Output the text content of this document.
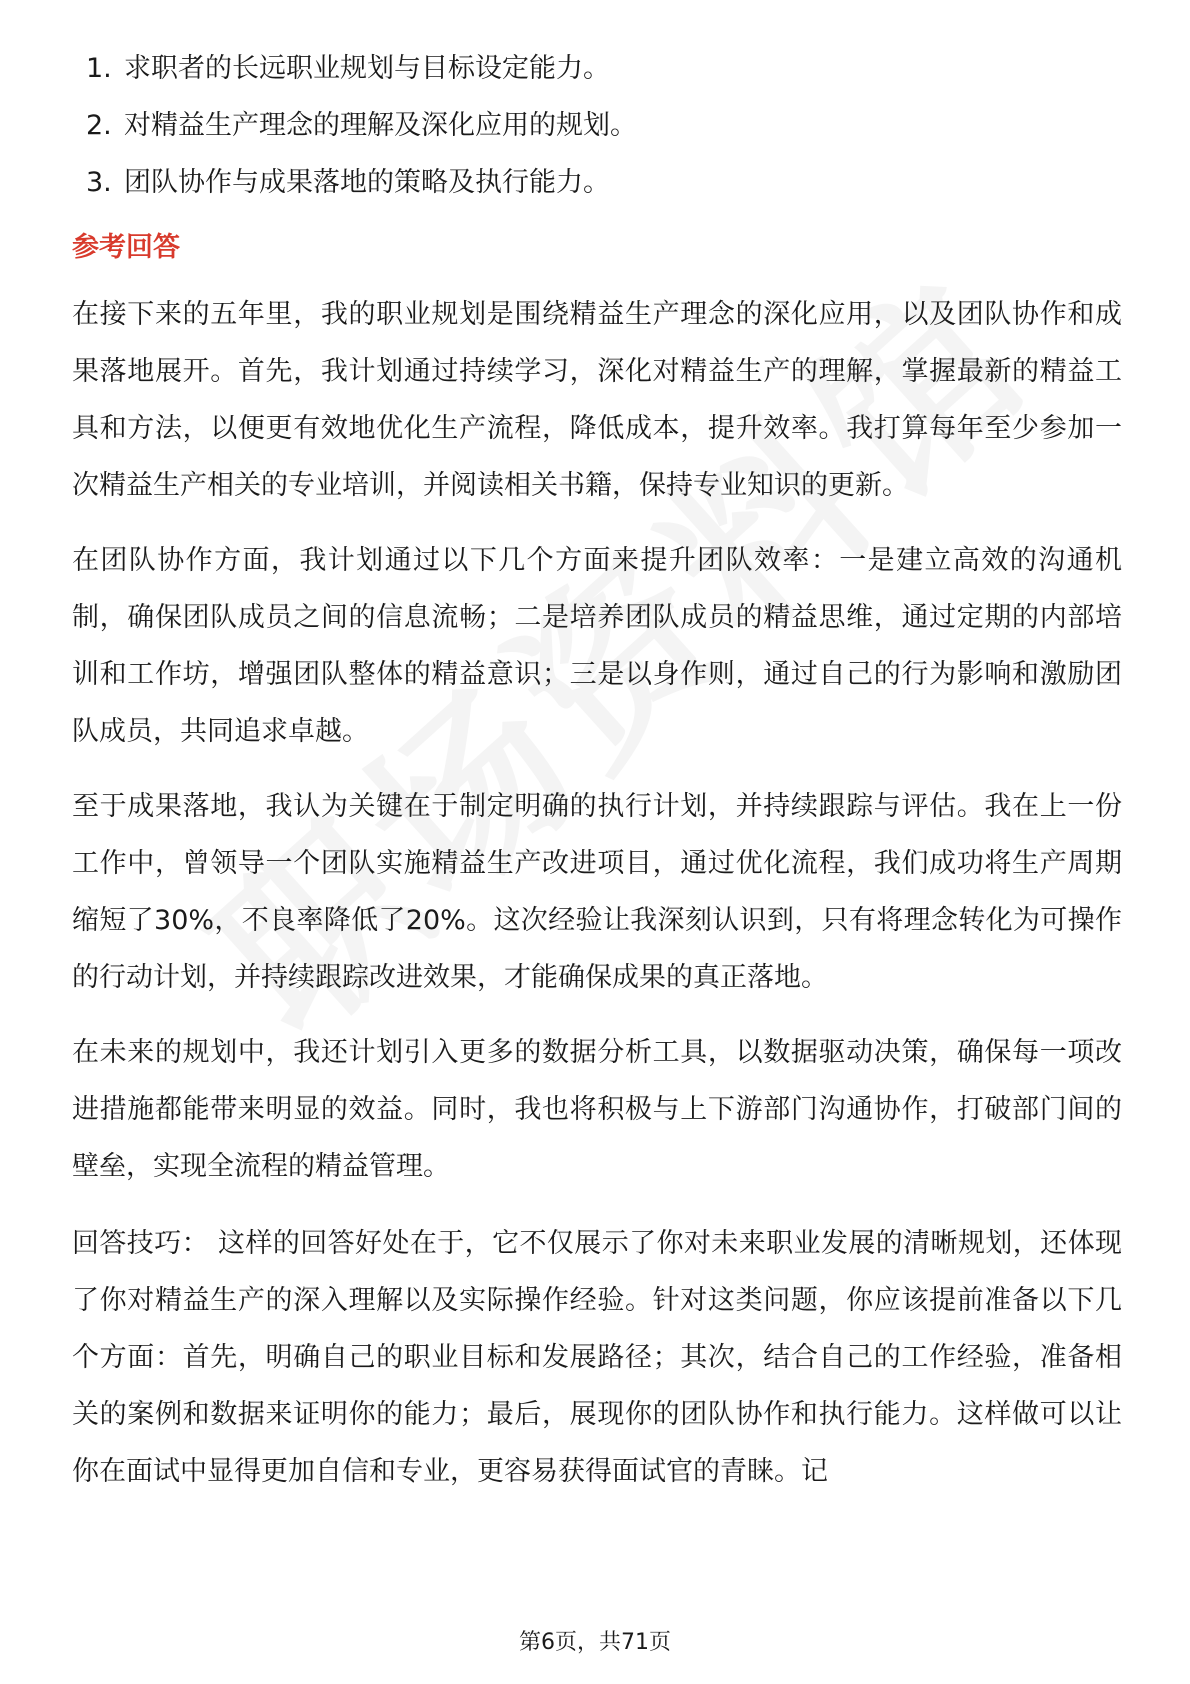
1. 求职者的长远职业规划与目标设定能力。
2. 对精益生产理念的理解及深化应用的规划。
3. 团队协作与成果落地的策略及执行能力。
参考回答

在接下来的五年里，我的职业规划是围绕精益生产理念的深化应用，以及团队协作和成果落地展开。首先，我计划通过持续学习，深化对精益生产的理解，掌握最新的精益工具和方法，以便更有效地优化生产流程，降低成本，提升效率。我打算每年至少参加一次精益生产相关的专业培训，并阅读相关书籍，保持专业知识的更新。

在团队协作方面，我计划通过以下几个方面来提升团队效率：一是建立高效的沟通机制，确保团队成员之间的信息流畅；二是培养团队成员的精益思维，通过定期的内部培训和工作坊，增强团队整体的精益意识；三是以身作则，通过自己的行为影响和激励团队成员，共同追求卓越。

至于成果落地，我认为关键在于制定明确的执行计划，并持续跟踪与评估。我在上一份工作中，曾领导一个团队实施精益生产改进项目，通过优化流程，我们成功将生产周期缩短了30%，不良率降低了20%。这次经验让我深刻认识到，只有将理念转化为可操作的行动计划，并持续跟踪改进效果，才能确保成果的真正落地。

在未来的规划中，我还计划引入更多的数据分析工具，以数据驱动决策，确保每一项改进措施都能带来明显的效益。同时，我也将积极与上下游部门沟通协作，打破部门间的壁垒，实现全流程的精益管理。

回答技巧： 这样的回答好处在于，它不仅展示了你对未来职业发展的清晰规划，还体现了你对精益生产的深入理解以及实际操作经验。针对这类问题，你应该提前准备以下几个方面：首先，明确自己的职业目标和发展路径；其次，结合自己的工作经验，准备相关的案例和数据来证明你的能力；最后，展现你的团队协作和执行能力。这样做可以让你在面试中显得更加自信和专业，更容易获得面试官的青睐。记

第6页，共71页
